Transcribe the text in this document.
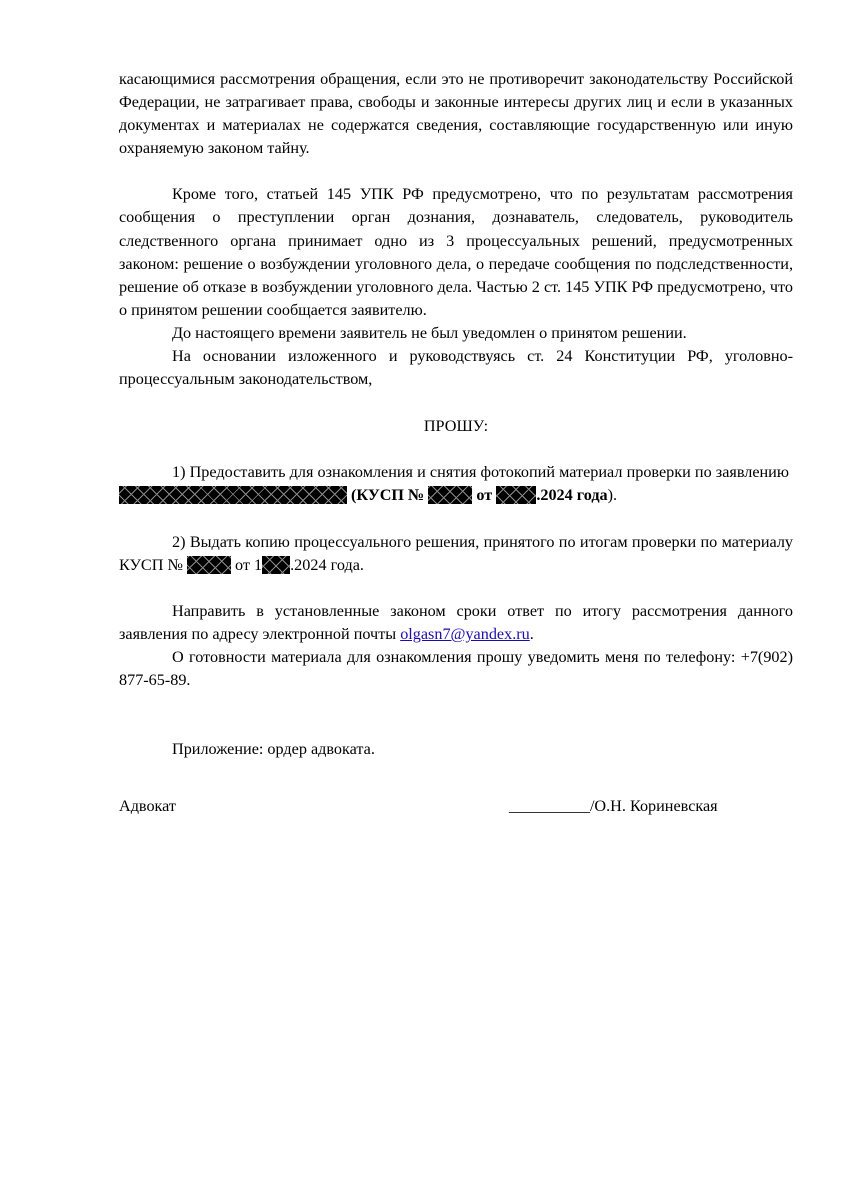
касающимися рассмотрения обращения, если это не противоречит законодательству Российской Федерации, не затрагивает права, свободы и законные интересы других лиц и если в указанных документах и материалах не содержатся сведения, составляющие государственную или иную охраняемую законом тайну.

Кроме того, статьей 145 УПК РФ предусмотрено, что по результатам рассмотрения сообщения о преступлении орган дознания, дознаватель, следователь, руководитель следственного органа принимает одно из 3 процессуальных решений, предусмотренных законом: решение о возбуждении уголовного дела, о передаче сообщения по подследственности, решение об отказе в возбуждении уголовного дела. Частью 2 ст. 145 УПК РФ предусмотрено, что о принятом решении сообщается заявителю.

До настоящего времени заявитель не был уведомлен о принятом решении.

На основании изложенного и руководствуясь ст. 24 Конституции РФ, уголовно-процессуальным законодательством,

ПРОШУ:

1) Предоставить для ознакомления и снятия фотокопий материал проверки по заявлению  (КУСП №	от	.2024 года).

2) Выдать копию процессуального решения, принятого по итогам проверки по материалу КУСП №	от 1 .2024 года.

Направить в установленные законом сроки ответ по итогу рассмотрения данного заявления по адресу электронной почты olgasn7@yandex.ru.

О готовности материала для ознакомления прошу уведомить меня по телефону: +7(902) 877-65-89.

Приложение: ордер адвоката.

Адвокат	__________/О.Н. Кориневская
